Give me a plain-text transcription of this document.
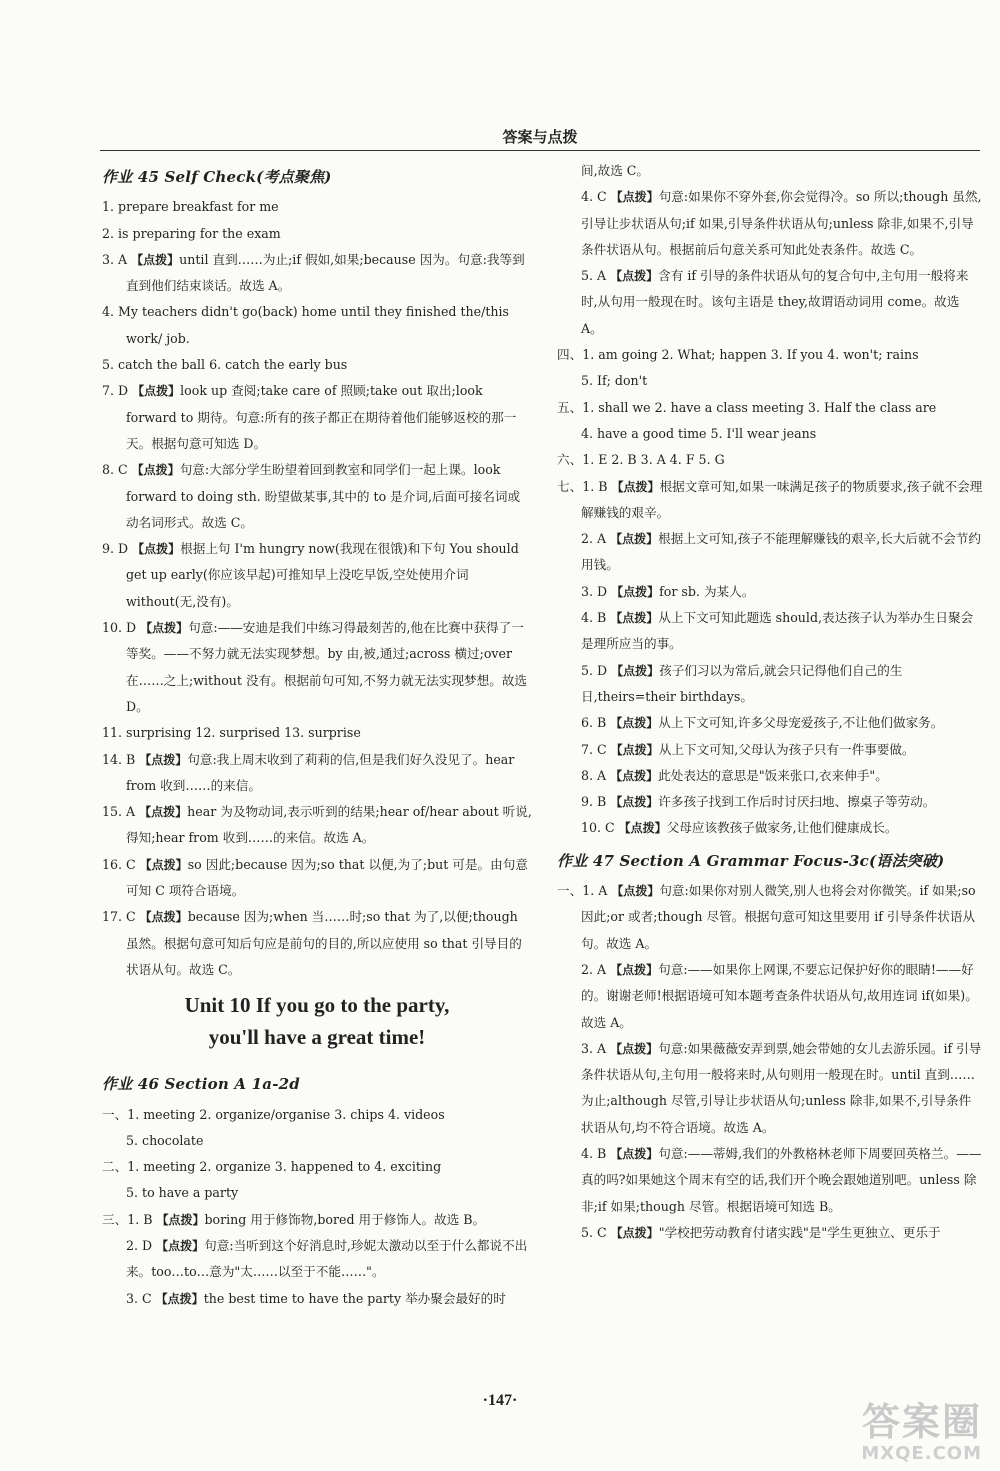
答案与点拨

作业 45 Self Check(考点聚焦)

1. prepare breakfast for me

2. is preparing for the exam

3. A 【点拨】until 直到……为止;if 假如,如果;because 因为。句意:我等到直到他们结束谈话。故选 A。

4. My teachers didn't go(back) home until they finished the/this work/ job.

5. catch the ball 6. catch the early bus

7. D 【点拨】look up 查阅;take care of 照顾;take out 取出;look forward to 期待。句意:所有的孩子都正在期待着他们能够返校的那一天。根据句意可知选 D。

8. C 【点拨】句意:大部分学生盼望着回到教室和同学们一起上课。look forward to doing sth. 盼望做某事,其中的 to 是介词,后面可接名词或动名词形式。故选 C。

9. D 【点拨】根据上句 I'm hungry now(我现在很饿)和下句 You should get up early(你应该早起)可推知早上没吃早饭,空处使用介词 without(无,没有)。

10. D 【点拨】句意:——安迪是我们中练习得最刻苦的,他在比赛中获得了一等奖。——不努力就无法实现梦想。by 由,被,通过;across 横过;over 在……之上;without 没有。根据前句可知,不努力就无法实现梦想。故选 D。

11. surprising 12. surprised 13. surprise

14. B 【点拨】句意:我上周末收到了莉莉的信,但是我们好久没见了。hear from 收到……的来信。

15. A 【点拨】hear 为及物动词,表示听到的结果;hear of/hear about 听说,得知;hear from 收到……的来信。故选 A。

16. C 【点拨】so 因此;because 因为;so that 以便,为了;but 可是。由句意可知 C 项符合语境。

17. C 【点拨】because 因为;when 当……时;so that 为了,以便;though 虽然。根据句意可知后句应是前句的目的,所以应使用 so that 引导目的状语从句。故选 C。

Unit 10 If you go to the party,
you'll have a great time!

作业 46 Section A 1a-2d

一、1. meeting 2. organize/organise 3. chips 4. videos

5. chocolate

二、1. meeting 2. organize 3. happened to 4. exciting

5. to have a party

三、1. B 【点拨】boring 用于修饰物,bored 用于修饰人。故选 B。

2. D 【点拨】句意:当听到这个好消息时,珍妮太激动以至于什么都说不出来。too…to…意为"太……以至于不能……"。

3. C 【点拨】the best time to have the party 举办聚会最好的时

间,故选 C。

4. C 【点拨】句意:如果你不穿外套,你会觉得冷。so 所以;though 虽然,引导让步状语从句;if 如果,引导条件状语从句;unless 除非,如果不,引导条件状语从句。根据前后句意关系可知此处表条件。故选 C。

5. A 【点拨】含有 if 引导的条件状语从句的复合句中,主句用一般将来时,从句用一般现在时。该句主语是 they,故谓语动词用 come。故选 A。

四、1. am going 2. What; happen 3. If you 4. won't; rains

5. If; don't

五、1. shall we 2. have a class meeting 3. Half the class are

4. have a good time 5. I'll wear jeans

六、1. E 2. B 3. A 4. F 5. G

七、1. B 【点拨】根据文章可知,如果一味满足孩子的物质要求,孩子就不会理解赚钱的艰辛。

2. A 【点拨】根据上文可知,孩子不能理解赚钱的艰辛,长大后就不会节约用钱。

3. D 【点拨】for sb. 为某人。

4. B 【点拨】从上下文可知此题选 should,表达孩子认为举办生日聚会是理所应当的事。

5. D 【点拨】孩子们习以为常后,就会只记得他们自己的生日,theirs=their birthdays。

6. B 【点拨】从上下文可知,许多父母宠爱孩子,不让他们做家务。

7. C 【点拨】从上下文可知,父母认为孩子只有一件事要做。

8. A 【点拨】此处表达的意思是"饭来张口,衣来伸手"。

9. B 【点拨】许多孩子找到工作后时讨厌扫地、擦桌子等劳动。

10. C 【点拨】父母应该教孩子做家务,让他们健康成长。

作业 47 Section A Grammar Focus-3c(语法突破)

一、1. A 【点拨】句意:如果你对别人微笑,别人也将会对你微笑。if 如果;so 因此;or 或者;though 尽管。根据句意可知这里要用 if 引导条件状语从句。故选 A。

2. A 【点拨】句意:——如果你上网课,不要忘记保护好你的眼睛!——好的。谢谢老师!根据语境可知本题考查条件状语从句,故用连词 if(如果)。故选 A。

3. A 【点拨】句意:如果薇薇安弄到票,她会带她的女儿去游乐园。if 引导条件状语从句,主句用一般将来时,从句则用一般现在时。until 直到……为止;although 尽管,引导让步状语从句;unless 除非,如果不,引导条件状语从句,均不符合语境。故选 A。

4. B 【点拨】句意:——蒂姆,我们的外教格林老师下周要回英格兰。——真的吗?如果她这个周末有空的话,我们开个晚会跟她道别吧。unless 除非;if 如果;though 尽管。根据语境可知选 B。

5. C 【点拨】"学校把劳动教育付诸实践"是"学生更独立、更乐于

·147·	答案圈
MXQE.COM
